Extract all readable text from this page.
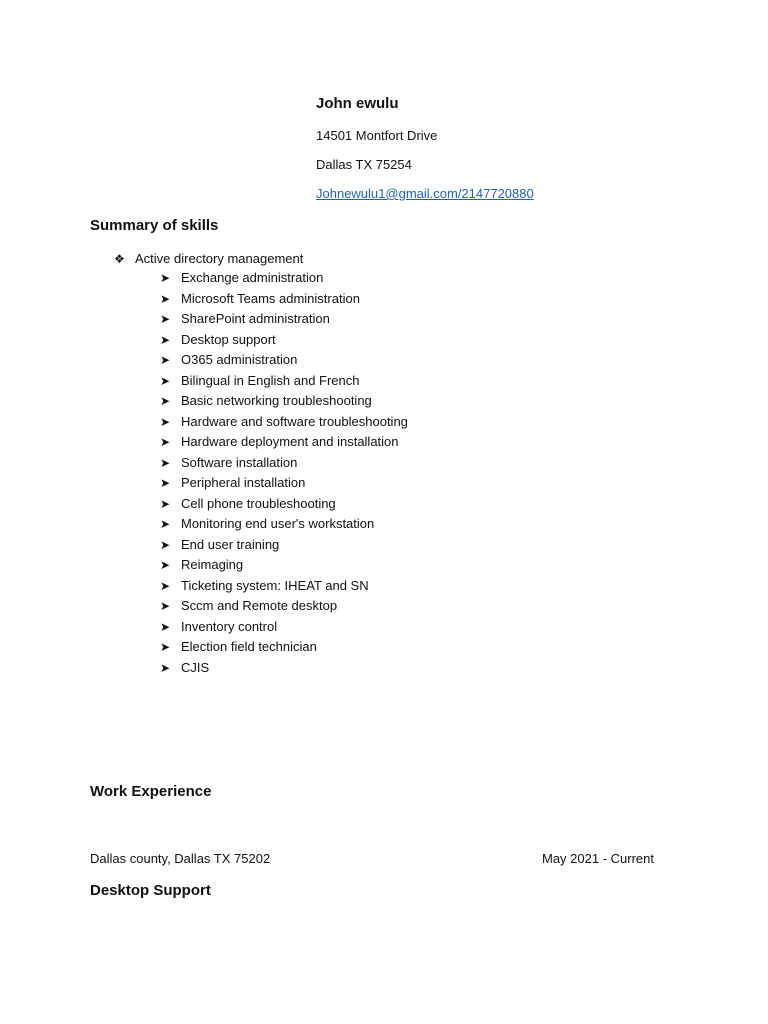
John ewulu
14501 Montfort Drive
Dallas TX 75254
Johnewulu1@gmail.com/2147720880
Summary of skills
❖ Active directory management
➤ Exchange administration
➤ Microsoft Teams administration
➤ SharePoint administration
➤ Desktop support
➤ O365 administration
➤ Bilingual in English and French
➤ Basic networking troubleshooting
➤ Hardware and software troubleshooting
➤ Hardware deployment and installation
➤ Software installation
➤ Peripheral installation
➤ Cell phone troubleshooting
➤ Monitoring end user's workstation
➤ End user training
➤ Reimaging
➤ Ticketing system: IHEAT and SN
➤ Sccm and Remote desktop
➤ Inventory control
➤ Election field technician
➤ CJIS
Work Experience
Dallas county, Dallas TX 75202	May 2021 - Current
Desktop Support
